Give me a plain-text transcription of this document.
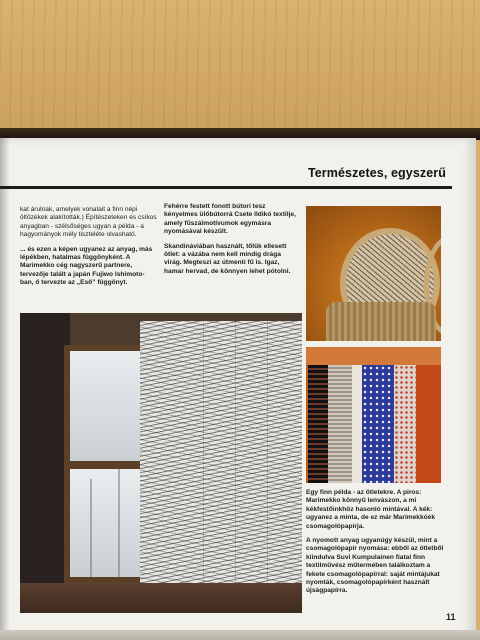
Természetes, egyszerű

kat árulnak, amelyek vonalait a finn népi öltözékek alakították.) Építészeteken és csíkos anyagban - szélsőséges ugyan a példa - a hagyományok mély tiszteléte olvasható.

... és ezen a képen ugyanez az anyag, más lépékben, hatalmas függönyként. A Marimekko cég nagyszerű partnere, tervezője talált a japán Fujiwo Ishimoto-ban, ő tervezte az „Eső” függönyt.

Fehérre festett fonott bútorí tesz kényelmes ülőbútorrá Csete Ildikó textilje, amely fűszálmotívumok egymásra nyomásával készült.

Skandináviában használt, tőlük ellesett ötlet: a vázába nem kell mindig drága virág. Megteszi az útmenti fű is. Igaz, hamar hervad, de könnyen lehet pótolni.

Egy finn példa - az ötletekre. A piros: Marimekko könnyű lenvászon, a mi kékfestőinkhöz hasonló mintával. A kék: ugyanez a minta, de ez már Marimekkóék csomagolópapírja.

A nyomott anyag ugyanúgy készül, mint a csomagolópapír nyomása: ebből az ötletből kiindulva Suvi Kumpulainen fiatal finn textilművész műtermében találkoztam a fekete csomagolópapírral: saját mintájukat nyomták, csomagolópapírként használt újságpapírra.

11
